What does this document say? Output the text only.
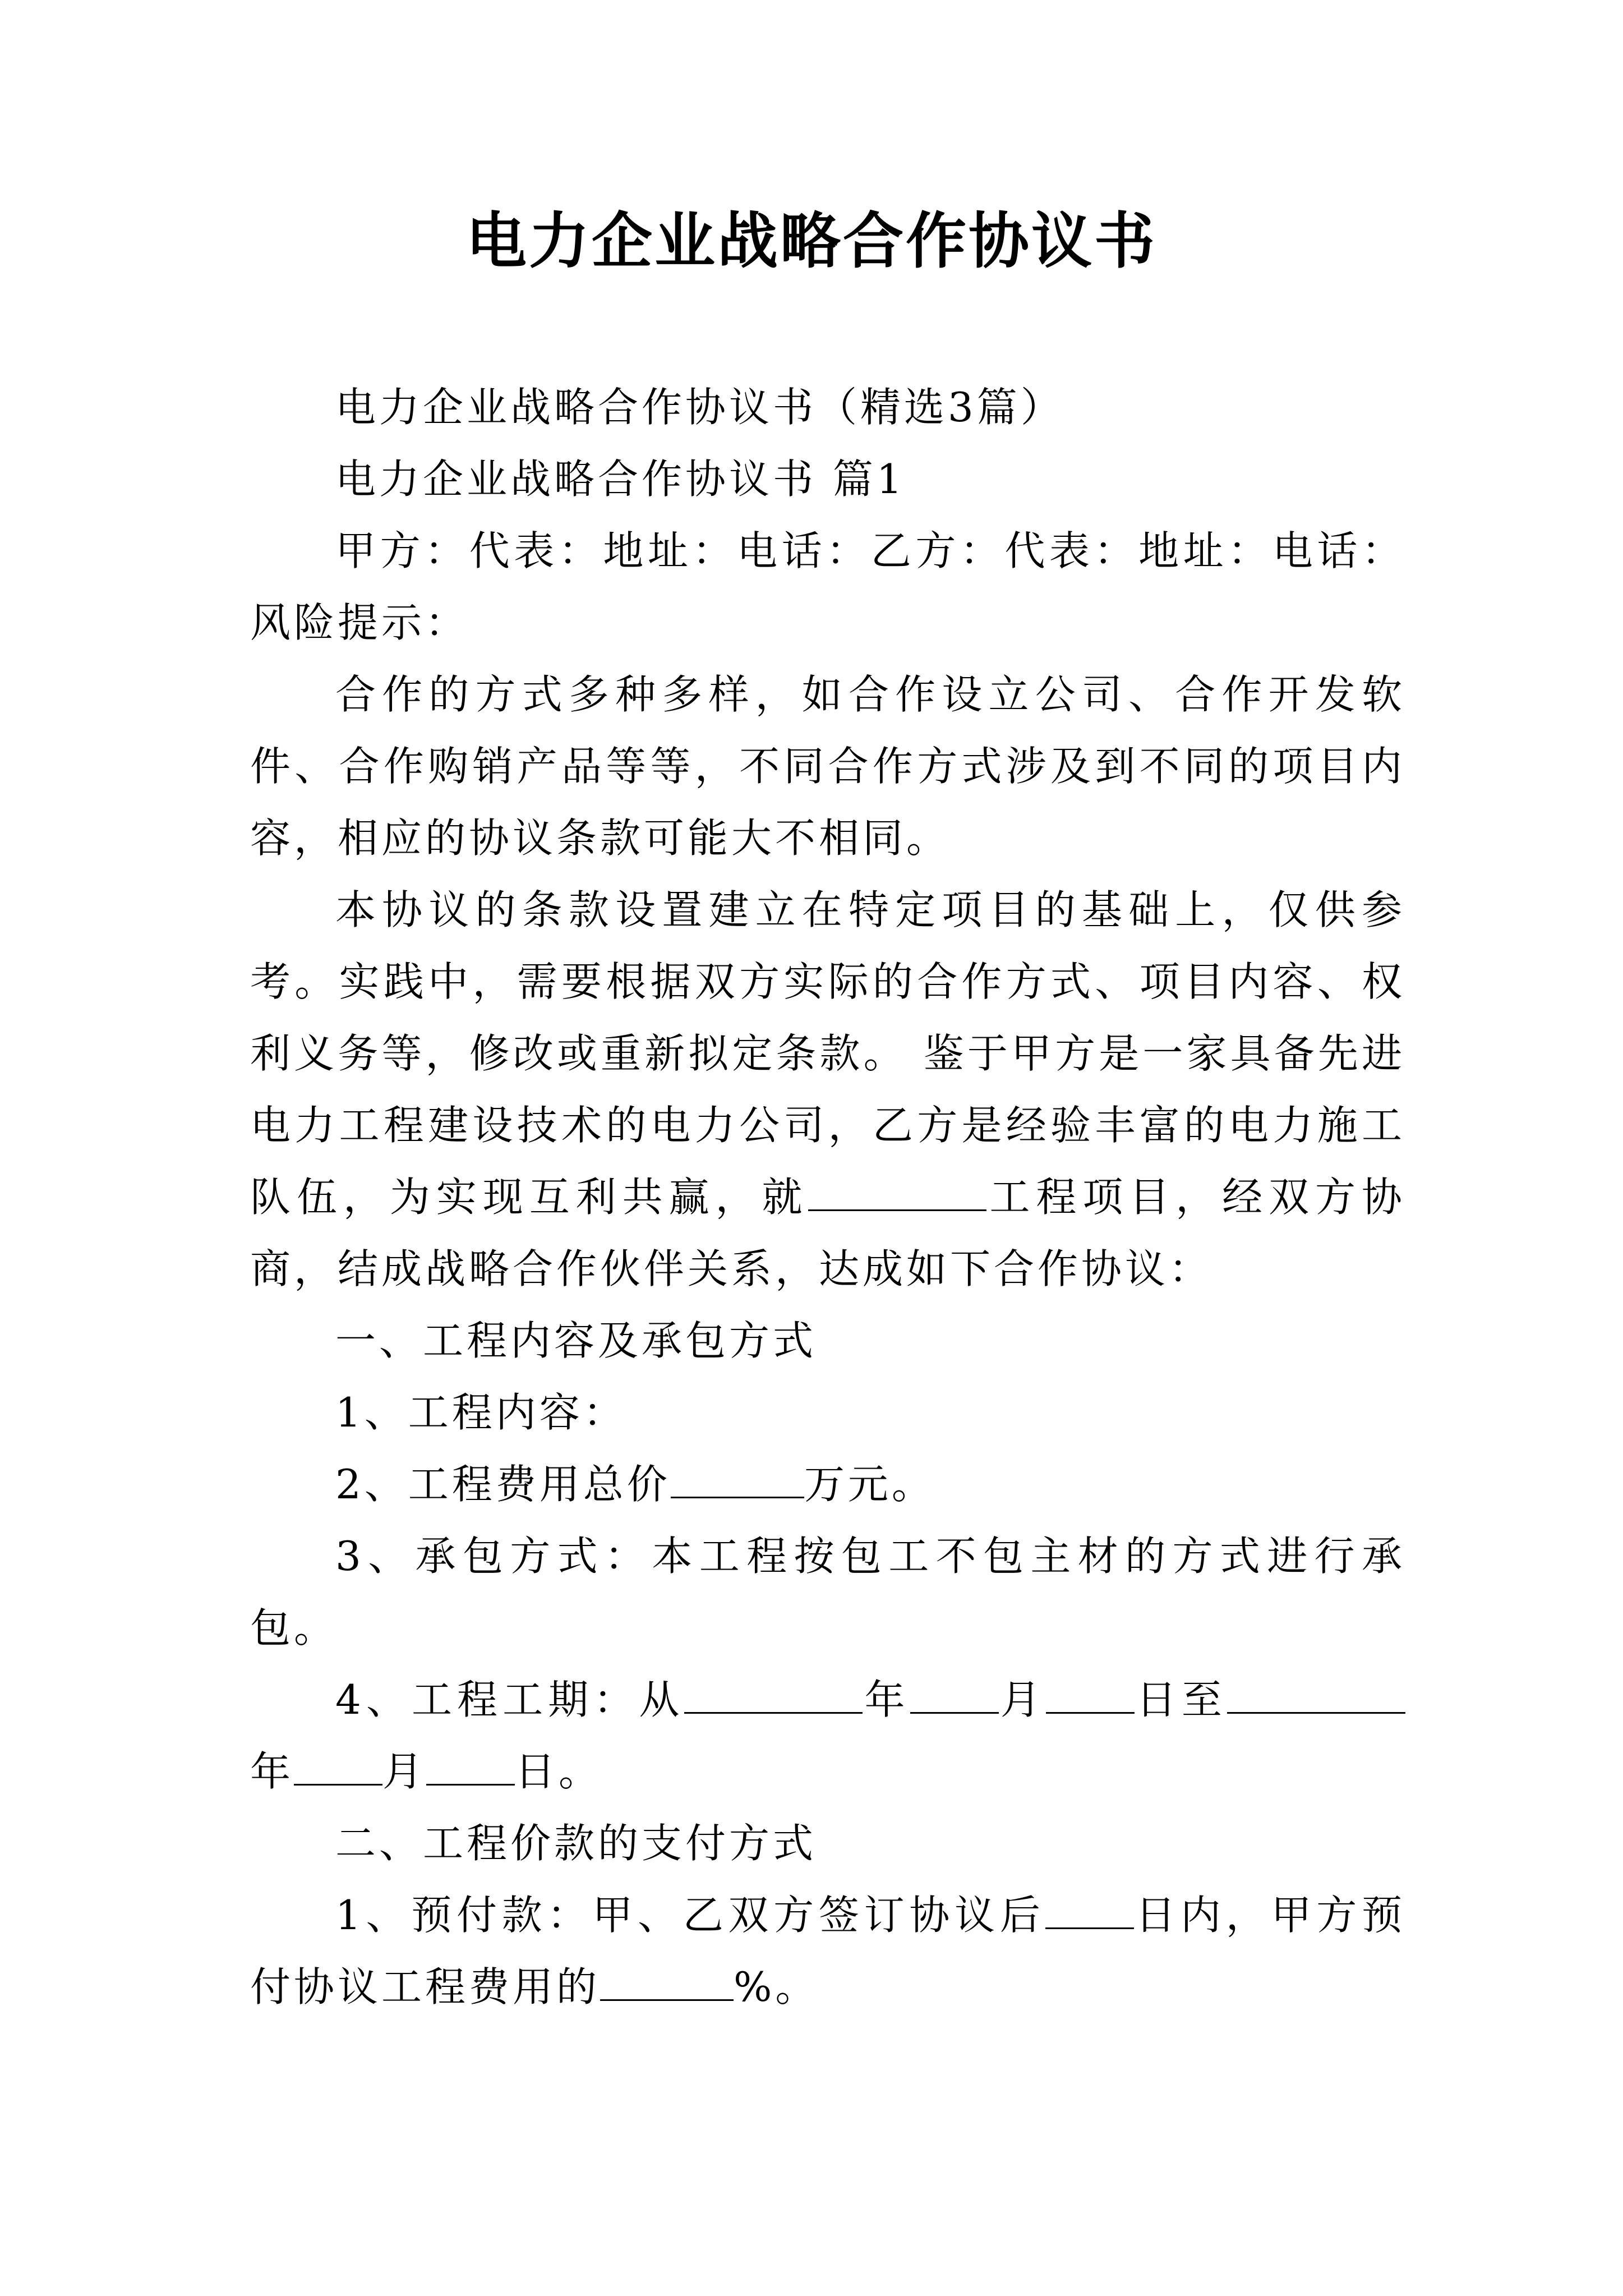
电力企业战略合作协议书

电力企业战略合作协议书（精选3篇）

电力企业战略合作协议书 篇1

甲方：代表：地址：电话：乙方：代表：地址：电话：风险提示：

合作的方式多种多样，如合作设立公司、合作开发软件、合作购销产品等等，不同合作方式涉及到不同的项目内容，相应的协议条款可能大不相同。

本协议的条款设置建立在特定项目的基础上，仅供参考。实践中，需要根据双方实际的合作方式、项目内容、权利义务等，修改或重新拟定条款。 鉴于甲方是一家具备先进电力工程建设技术的电力公司，乙方是经验丰富的电力施工队伍，为实现互利共赢，就	工程项目，经双方协商，结成战略合作伙伴关系，达成如下合作协议：

一、工程内容及承包方式

1、工程内容：

2、工程费用总价	万元。

3、承包方式：本工程按包工不包主材的方式进行承包。

4、工程工期：从	年 月 日至年 月 日。

二、工程价款的支付方式

1、预付款：甲、乙双方签订协议后 日内，甲方预付协议工程费用的	%。
